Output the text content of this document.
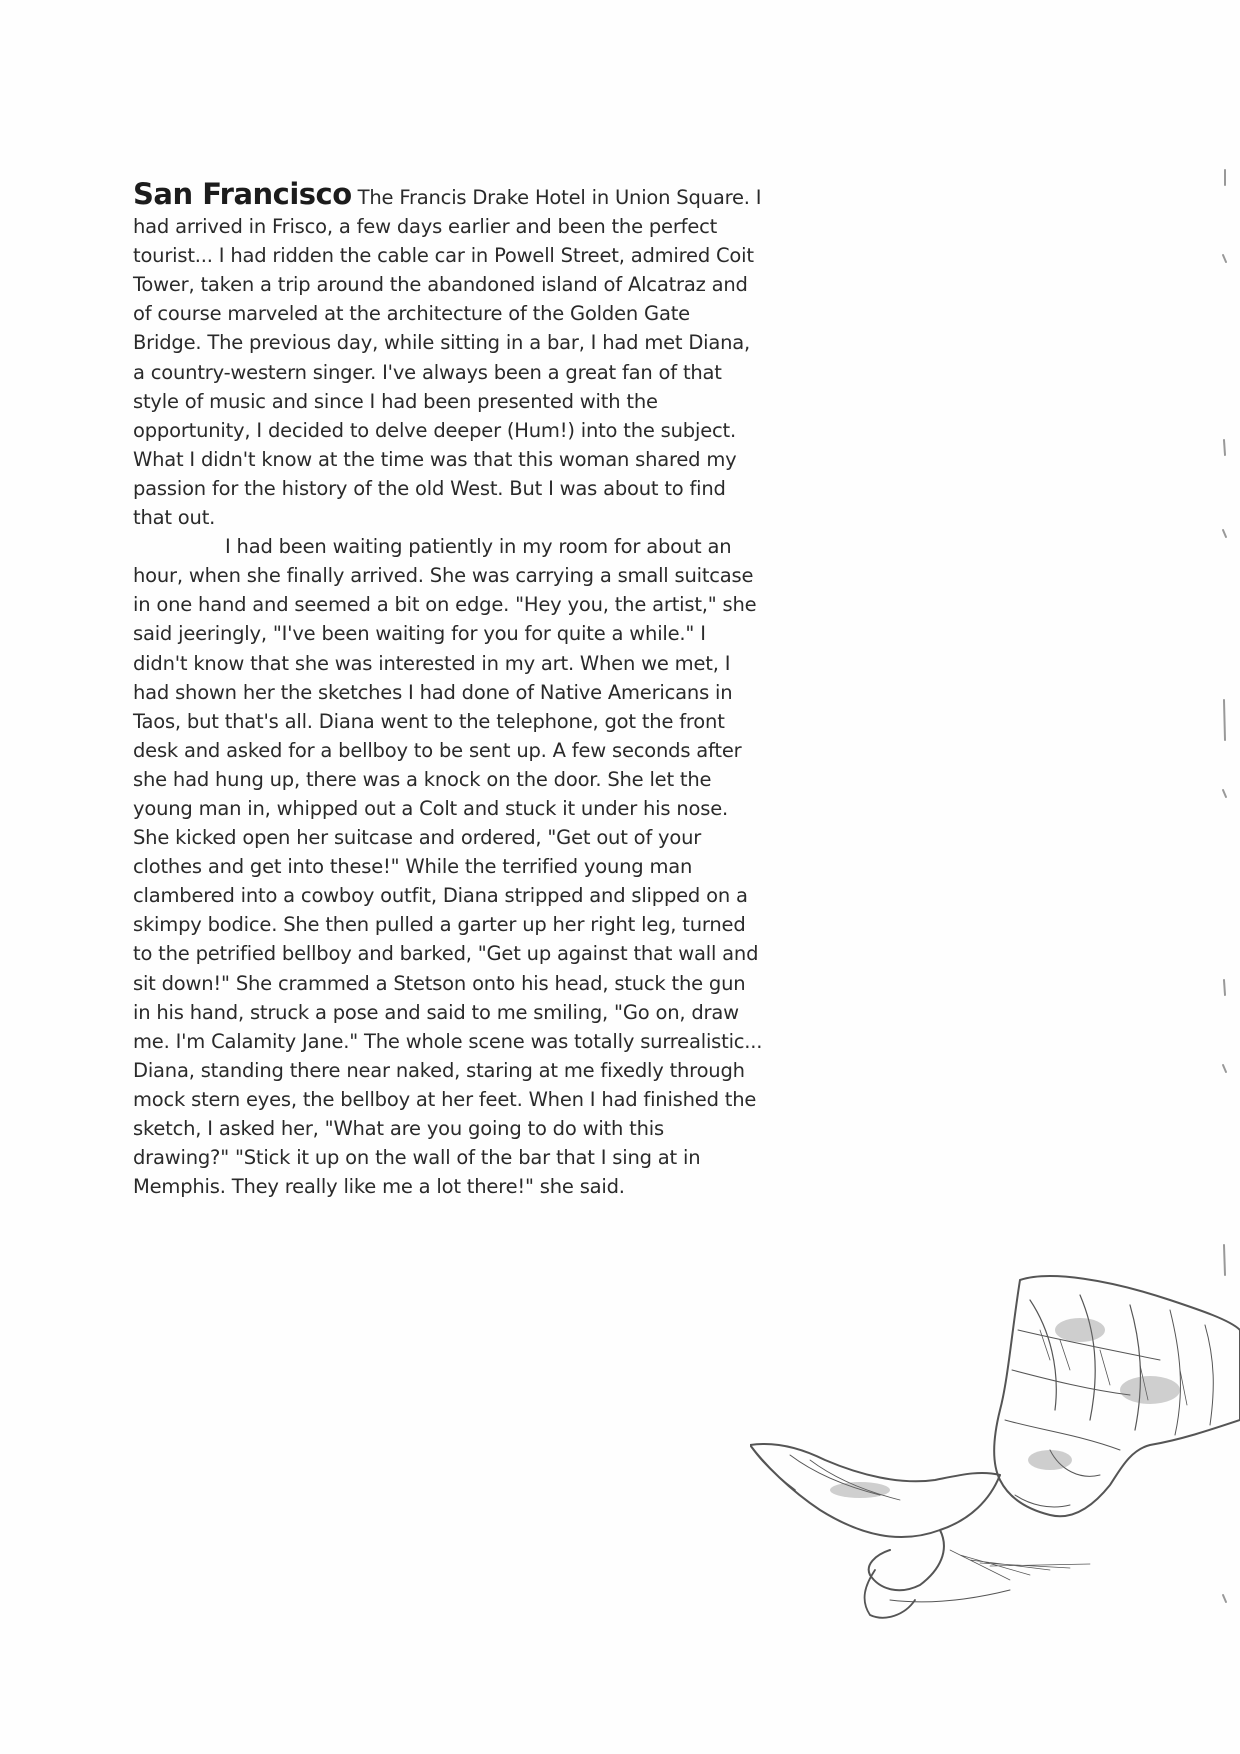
San Francisco The Francis Drake Hotel in Union Square. I had arrived in Frisco, a few days earlier and been the perfect tourist... I had ridden the cable car in Powell Street, admired Coit Tower, taken a trip around the abandoned island of Alcatraz and of course marveled at the architecture of the Golden Gate Bridge. The previous day, while sitting in a bar, I had met Diana, a country-western singer. I've always been a great fan of that style of music and since I had been presented with the opportunity, I decided to delve deeper (Hum!) into the subject. What I didn't know at the time was that this woman shared my passion for the history of the old West. But I was about to find that out.

I had been waiting patiently in my room for about an hour, when she finally arrived. She was carrying a small suitcase in one hand and seemed a bit on edge. "Hey you, the artist," she said jeeringly, "I've been waiting for you for quite a while." I didn't know that she was interested in my art. When we met, I had shown her the sketches I had done of Native Americans in Taos, but that's all. Diana went to the telephone, got the front desk and asked for a bellboy to be sent up. A few seconds after she had hung up, there was a knock on the door. She let the young man in, whipped out a Colt and stuck it under his nose. She kicked open her suitcase and ordered, "Get out of your clothes and get into these!" While the terrified young man clambered into a cowboy outfit, Diana stripped and slipped on a skimpy bodice. She then pulled a garter up her right leg, turned to the petrified bellboy and barked, "Get up against that wall and sit down!" She crammed a Stetson onto his head, stuck the gun in his hand, struck a pose and said to me smiling, "Go on, draw me. I'm Calamity Jane." The whole scene was totally surrealistic... Diana, standing there near naked, staring at me fixedly through mock stern eyes, the bellboy at her feet. When I had finished the sketch, I asked her, "What are you going to do with this drawing?" "Stick it up on the wall of the bar that I sing at in Memphis. They really like me a lot there!" she said.
